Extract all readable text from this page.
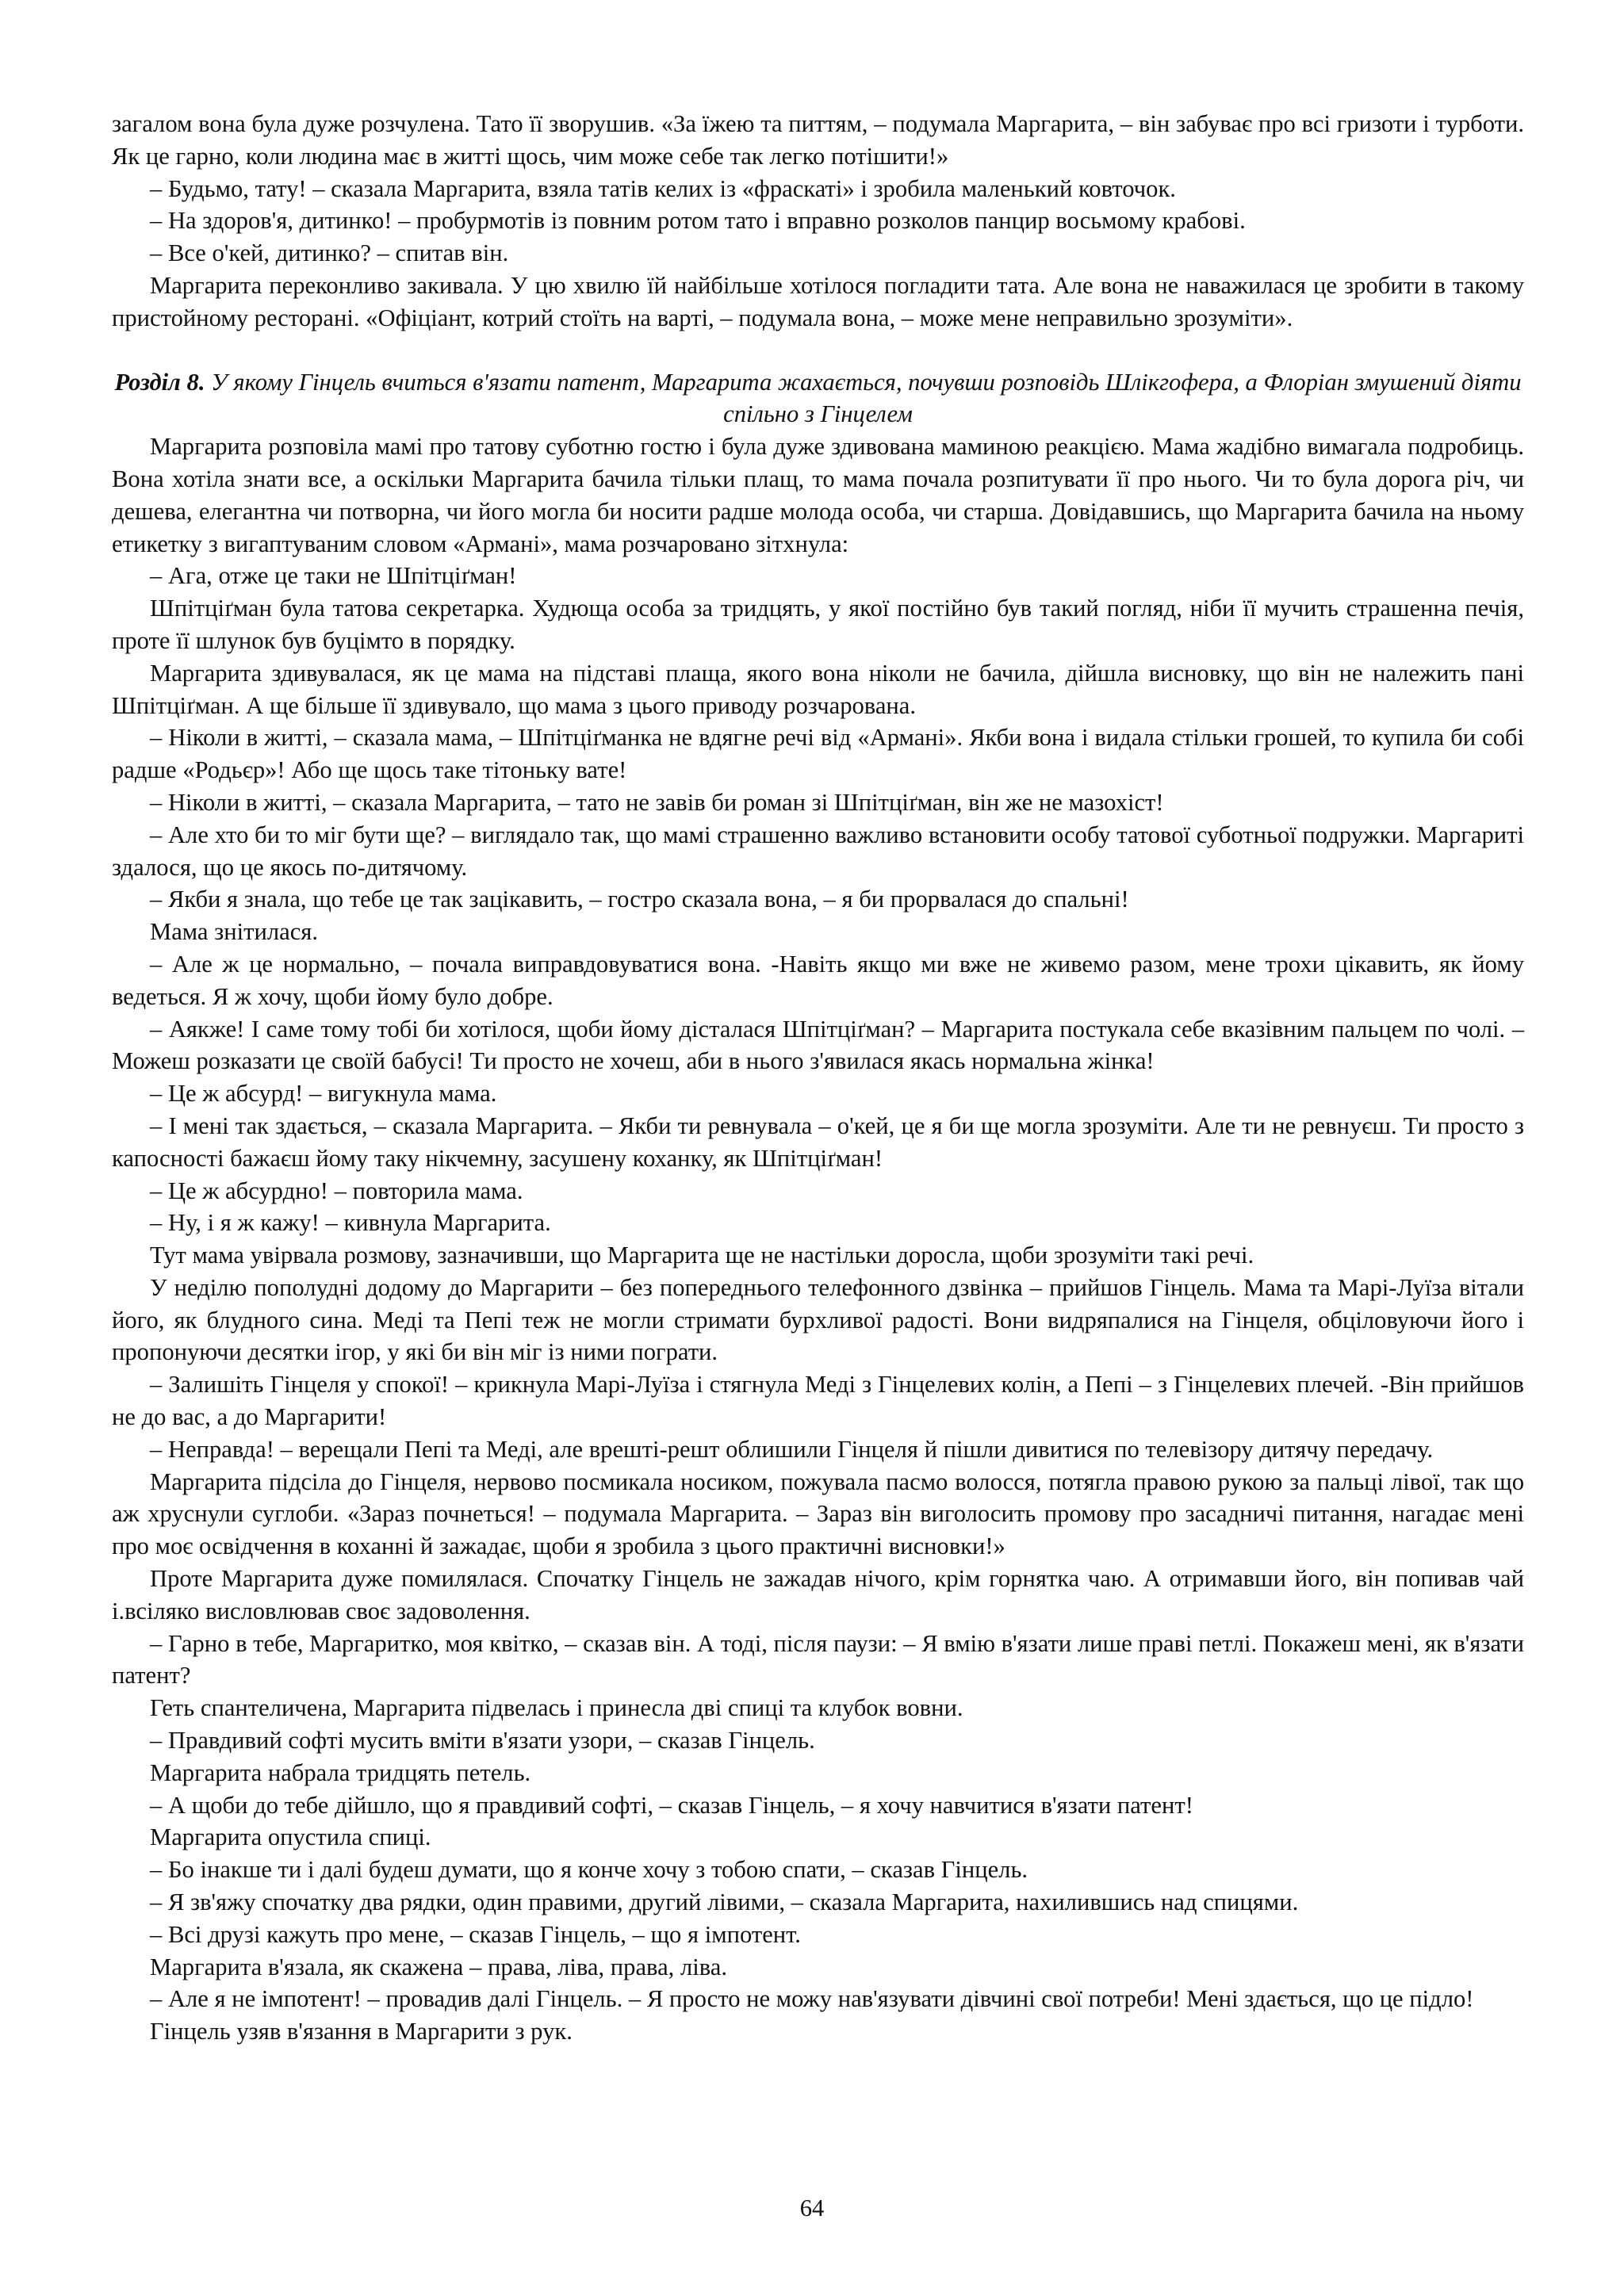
загалом вона була дуже розчулена. Тато її зворушив. «За їжею та питтям, – подумала Маргарита, – він забуває про всі гризоти і турботи. Як це гарно, коли людина має в житті щось, чим може себе так легко потішити!»

– Будьмо, тату! – сказала Маргарита, взяла татів келих із «фраскаті» і зробила маленький ковточок.

– На здоров'я, дитинко! – пробурмотів із повним ротом тато і вправно розколов панцир восьмому крабові.

– Все о'кей, дитинко? – спитав він.

Маргарита переконливо закивала. У цю хвилю їй найбільше хотілося погладити тата. Але вона не наважилася це зробити в такому пристойному ресторані. «Офіціант, котрий стоїть на варті, – подумала вона, – може мене неправильно зрозуміти».

Розділ 8. У якому Гінцель вчиться в'язати патент, Маргарита жахається, почувши розповідь Шлікгофера, а Флоріан змушений діяти спільно з Гінцелем

Маргарита розповіла мамі про татову суботню гостю і була дуже здивована маминою реакцією. Мама жадібно вимагала подробиць. Вона хотіла знати все, а оскільки Маргарита бачила тільки плащ, то мама почала розпитувати її про нього. Чи то була дорога річ, чи дешева, елегантна чи потворна, чи його могла би носити радше молода особа, чи старша. Довідавшись, що Маргарита бачила на ньому етикетку з вигаптуваним словом «Армані», мама розчаровано зітхнула:

– Ага, отже це таки не Шпітціґман!

Шпітціґман була татова секретарка. Худюща особа за тридцять, у якої постійно був такий погляд, ніби її мучить страшенна печія, проте її шлунок був буцімто в порядку.

Маргарита здивувалася, як це мама на підставі плаща, якого вона ніколи не бачила, дійшла висновку, що він не належить пані Шпітціґман. А ще більше її здивувало, що мама з цього приводу розчарована.

– Ніколи в житті, – сказала мама, – Шпітціґманка не вдягне речі від «Армані». Якби вона і видала стільки грошей, то купила би собі радше «Родьєр»! Або ще щось таке тітоньку вате!

– Ніколи в житті, – сказала Маргарита, – тато не завів би роман зі Шпітціґман, він же не мазохіст!

– Але хто би то міг бути ще? – виглядало так, що мамі страшенно важливо встановити особу татової суботньої подружки. Маргариті здалося, що це якось по-дитячому.

– Якби я знала, що тебе це так зацікавить, – гостро сказала вона, – я би прорвалася до спальні!

Мама знітилася.

– Але ж це нормально, – почала виправдовуватися вона. -Навіть якщо ми вже не живемо разом, мене трохи цікавить, як йому ведеться. Я ж хочу, щоби йому було добре.

– Аякже! І саме тому тобі би хотілося, щоби йому дісталася Шпітціґман? – Маргарита постукала себе вказівним пальцем по чолі. – Можеш розказати це своїй бабусі! Ти просто не хочеш, аби в нього з'явилася якась нормальна жінка!

– Це ж абсурд! – вигукнула мама.

– І мені так здається, – сказала Маргарита. – Якби ти ревнувала – о'кей, це я би ще могла зрозуміти. Але ти не ревнуєш. Ти просто з капосності бажаєш йому таку нікчемну, засушену коханку, як Шпітціґман!

– Це ж абсурдно! – повторила мама.

– Ну, і я ж кажу! – кивнула Маргарита.

Тут мама увірвала розмову, зазначивши, що Маргарита ще не настільки доросла, щоби зрозуміти такі речі.

У неділю пополудні додому до Маргарити – без попереднього телефонного дзвінка – прийшов Гінцель. Мама та Марі-Луїза вітали його, як блудного сина. Меді та Пепі теж не могли стримати бурхливої радості. Вони видряпалися на Гінцеля, обціловуючи його і пропонуючи десятки ігор, у які би він міг із ними пограти.

– Залишіть Гінцеля у спокої! – крикнула Марі-Луїза і стягнула Меді з Гінцелевих колін, а Пепі – з Гінцелевих плечей. -Він прийшов не до вас, а до Маргарити!

– Неправда! – верещали Пепі та Меді, але врешті-решт облишили Гінцеля й пішли дивитися по телевізору дитячу передачу.

Маргарита підсіла до Гінцеля, нервово посмикала носиком, пожувала пасмо волосся, потягла правою рукою за пальці лівої, так що аж хруснули суглоби. «Зараз почнеться! – подумала Маргарита. – Зараз він виголосить промову про засадничі питання, нагадає мені про моє освідчення в коханні й зажадає, щоби я зробила з цього практичні висновки!»

Проте Маргарита дуже помилялася. Спочатку Гінцель не зажадав нічого, крім горнятка чаю. А отримавши його, він попивав чай і.всіляко висловлював своє задоволення.

– Гарно в тебе, Маргаритко, моя квітко, – сказав він. А тоді, після паузи: – Я вмію в'язати лише праві петлі. Покажеш мені, як в'язати патент?

Геть спантеличена, Маргарита підвелась і принесла дві спиці та клубок вовни.

– Правдивий софті мусить вміти в'язати узори, – сказав Гінцель.

Маргарита набрала тридцять петель.

– А щоби до тебе дійшло, що я правдивий софті, – сказав Гінцель, – я хочу навчитися в'язати патент!

Маргарита опустила спиці.

– Бо інакше ти і далі будеш думати, що я конче хочу з тобою спати, – сказав Гінцель.

– Я зв'яжу спочатку два рядки, один правими, другий лівими, – сказала Маргарита, нахилившись над спицями.

– Всі друзі кажуть про мене, – сказав Гінцель, – що я імпотент.

Маргарита в'язала, як скажена – права, ліва, права, ліва.

– Але я не імпотент! – провадив далі Гінцель. – Я просто не можу нав'язувати дівчині свої потреби! Мені здається, що це підло!

Гінцель узяв в'язання в Маргарити з рук.

64
